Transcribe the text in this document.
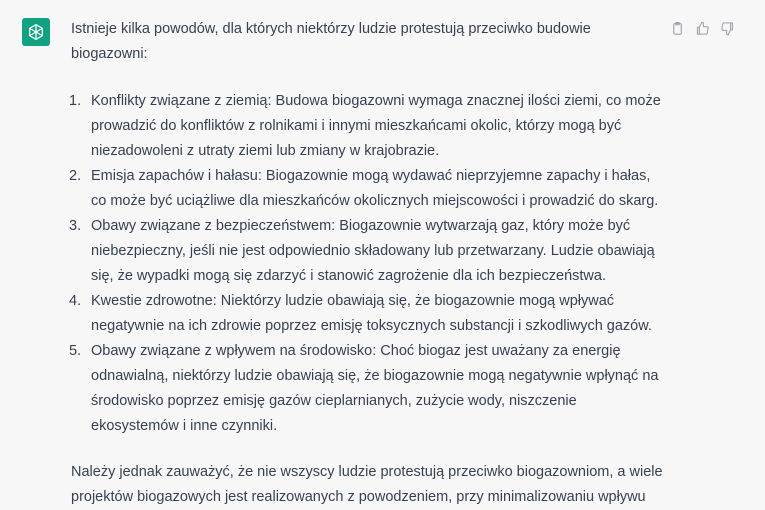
Istnieje kilka powodów, dla których niektórzy ludzie protestują przeciwko budowie biogazowni:

1. Konflikty związane z ziemią: Budowa biogazowni wymaga znacznej ilości ziemi, co może prowadzić do konfliktów z rolnikami i innymi mieszkańcami okolic, którzy mogą być niezadowoleni z utraty ziemi lub zmiany w krajobrazie.
2. Emisja zapachów i hałasu: Biogazownie mogą wydawać nieprzyjemne zapachy i hałas, co może być uciążliwe dla mieszkańców okolicznych miejscowości i prowadzić do skarg.
3. Obawy związane z bezpieczeństwem: Biogazownie wytwarzają gaz, który może być niebezpieczny, jeśli nie jest odpowiednio składowany lub przetwarzany. Ludzie obawiają się, że wypadki mogą się zdarzyć i stanowić zagrożenie dla ich bezpieczeństwa.
4. Kwestie zdrowotne: Niektórzy ludzie obawiają się, że biogazownie mogą wpływać negatywnie na ich zdrowie poprzez emisję toksycznych substancji i szkodliwych gazów.
5. Obawy związane z wpływem na środowisko: Choć biogaz jest uważany za energię odnawialną, niektórzy ludzie obawiają się, że biogazownie mogą negatywnie wpłynąć na środowisko poprzez emisję gazów cieplarnianych, zużycie wody, niszczenie ekosystemów i inne czynniki.

Należy jednak zauważyć, że nie wszyscy ludzie protestują przeciwko biogazowniom, a wiele projektów biogazowych jest realizowanych z powodzeniem, przy minimalizowaniu wpływu
